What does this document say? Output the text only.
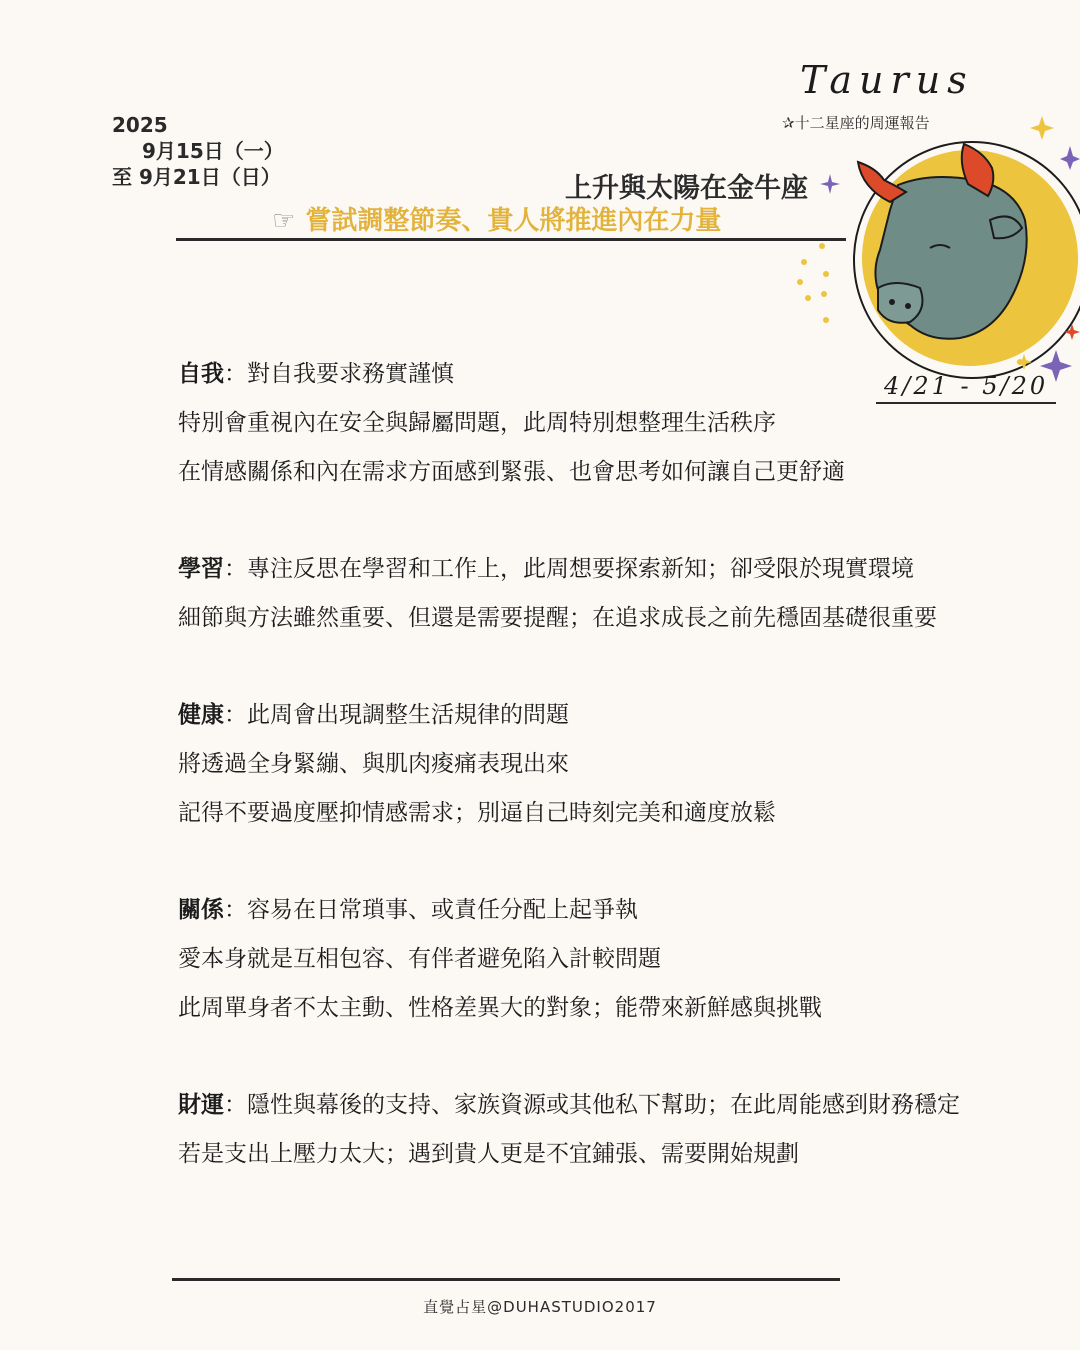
2025
9月15日（一）
至 9月21日（日）
Taurus
✰十二星座的周運報告
上升與太陽在金牛座
☞ 嘗試調整節奏、貴人將推進內在力量
4/21 - 5/20
自我：對自我要求務實謹慎
特別會重視內在安全與歸屬問題，此周特別想整理生活秩序
在情感關係和內在需求方面感到緊張、也會思考如何讓自己更舒適
學習：專注反思在學習和工作上，此周想要探索新知；卻受限於現實環境
細節與方法雖然重要、但還是需要提醒；在追求成長之前先穩固基礎很重要
健康：此周會出現調整生活規律的問題
將透過全身緊繃、與肌肉痠痛表現出來
記得不要過度壓抑情感需求；別逼自己時刻完美和適度放鬆
關係：容易在日常瑣事、或責任分配上起爭執
愛本身就是互相包容、有伴者避免陷入計較問題
此周單身者不太主動、性格差異大的對象；能帶來新鮮感與挑戰
財運：隱性與幕後的支持、家族資源或其他私下幫助；在此周能感到財務穩定
若是支出上壓力太大；遇到貴人更是不宜鋪張、需要開始規劃
直覺占星@DUHASTUDIO2017
